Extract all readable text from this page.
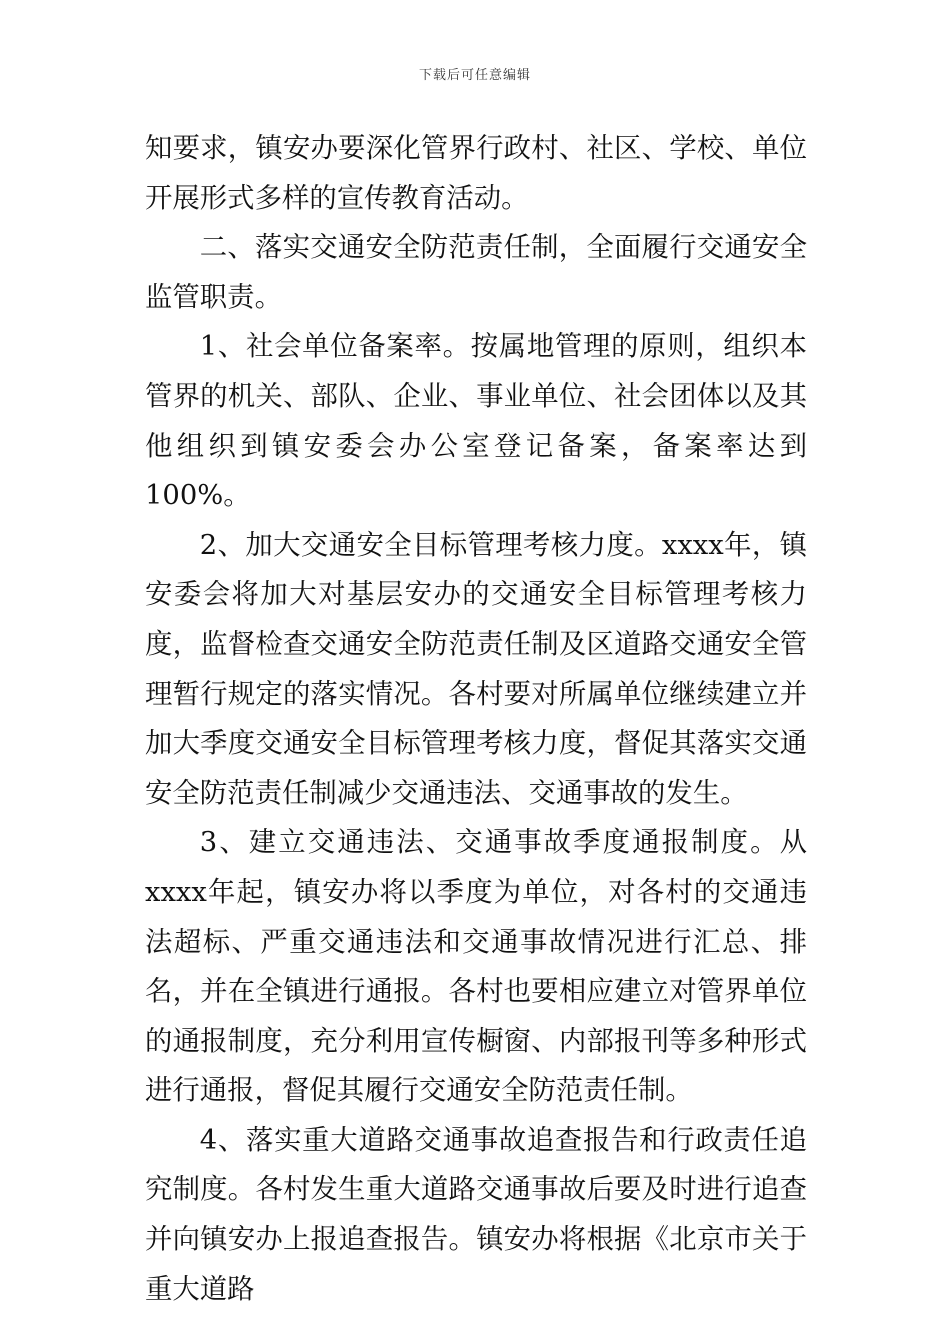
下载后可任意编辑

知要求，镇安办要深化管界行政村、社区、学校、单位开展形式多样的宣传教育活动。

二、落实交通安全防范责任制，全面履行交通安全监管职责。

1、社会单位备案率。按属地管理的原则，组织本管界的机关、部队、企业、事业单位、社会团体以及其他组织到镇安委会办公室登记备案，备案率达到100%。

2、加大交通安全目标管理考核力度。xxxx年，镇安委会将加大对基层安办的交通安全目标管理考核力度，监督检查交通安全防范责任制及区道路交通安全管理暂行规定的落实情况。各村要对所属单位继续建立并加大季度交通安全目标管理考核力度，督促其落实交通安全防范责任制减少交通违法、交通事故的发生。

3、建立交通违法、交通事故季度通报制度。从xxxx年起，镇安办将以季度为单位，对各村的交通违法超标、严重交通违法和交通事故情况进行汇总、排名，并在全镇进行通报。各村也要相应建立对管界单位的通报制度，充分利用宣传橱窗、内部报刊等多种形式进行通报，督促其履行交通安全防范责任制。

4、落实重大道路交通事故追查报告和行政责任追究制度。各村发生重大道路交通事故后要及时进行追查并向镇安办上报追查报告。镇安办将根据《北京市关于重大道路
